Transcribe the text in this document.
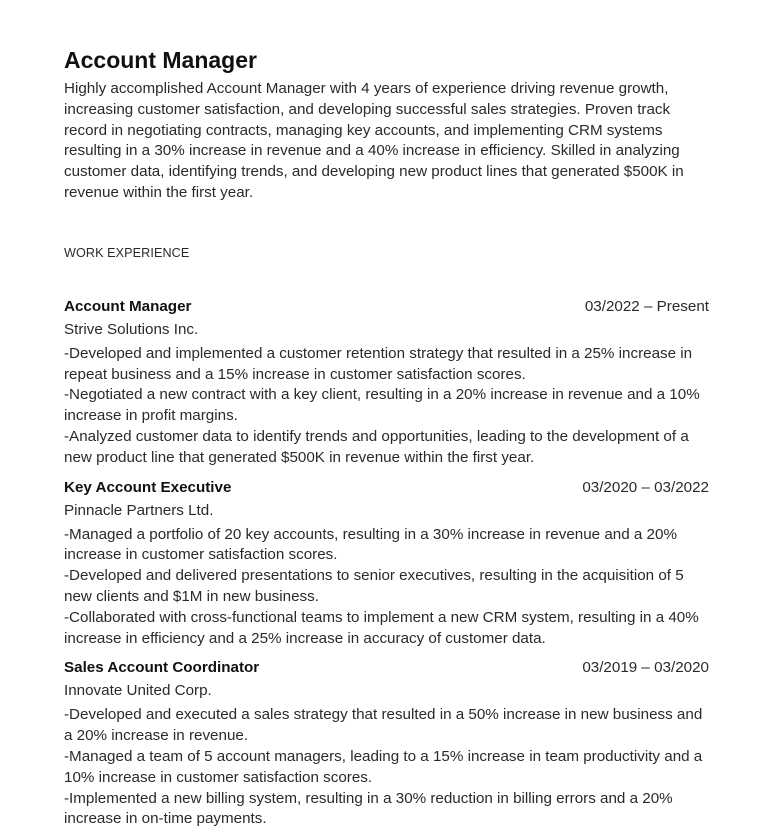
Account Manager

Highly accomplished Account Manager with 4 years of experience driving revenue growth, increasing customer satisfaction, and developing successful sales strategies. Proven track record in negotiating contracts, managing key accounts, and implementing CRM systems resulting in a 30% increase in revenue and a 40% increase in efficiency. Skilled in analyzing customer data, identifying trends, and developing new product lines that generated $500K in revenue within the first year.

WORK EXPERIENCE
Account Manager	03/2022 – Present
Strive Solutions Inc.
-Developed and implemented a customer retention strategy that resulted in a 25% increase in repeat business and a 15% increase in customer satisfaction scores.
-Negotiated a new contract with a key client, resulting in a 20% increase in revenue and a 10% increase in profit margins.
-Analyzed customer data to identify trends and opportunities, leading to the development of a new product line that generated $500K in revenue within the first year.
Key Account Executive	03/2020 – 03/2022
Pinnacle Partners Ltd.
-Managed a portfolio of 20 key accounts, resulting in a 30% increase in revenue and a 20% increase in customer satisfaction scores.
-Developed and delivered presentations to senior executives, resulting in the acquisition of 5 new clients and $1M in new business.
-Collaborated with cross-functional teams to implement a new CRM system, resulting in a 40% increase in efficiency and a 25% increase in accuracy of customer data.
Sales Account Coordinator	03/2019 – 03/2020
Innovate United Corp.
-Developed and executed a sales strategy that resulted in a 50% increase in new business and a 20% increase in revenue.
-Managed a team of 5 account managers, leading to a 15% increase in team productivity and a 10% increase in customer satisfaction scores.
-Implemented a new billing system, resulting in a 30% reduction in billing errors and a 20% increase in on-time payments.
